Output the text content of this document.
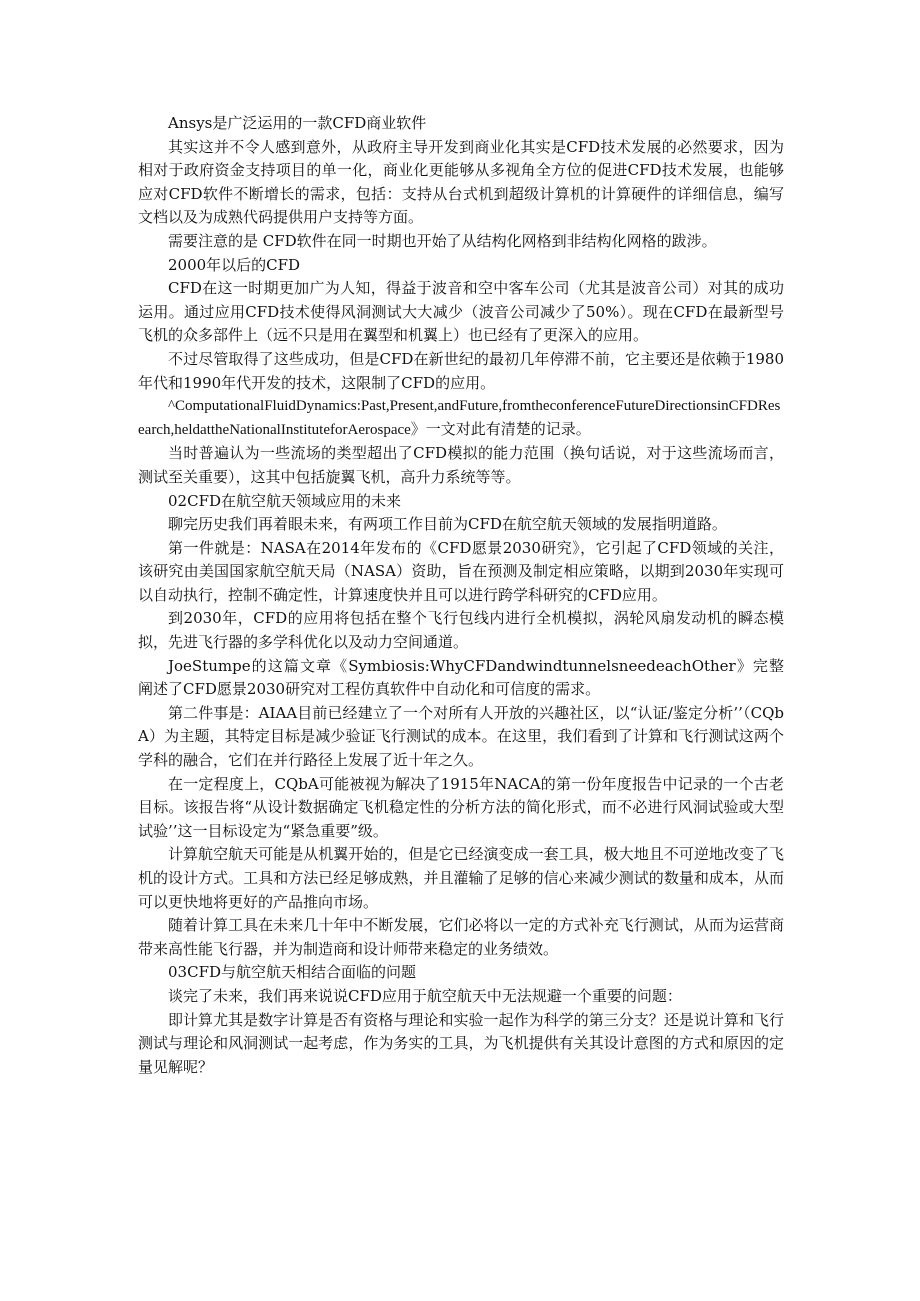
Ansys是广泛运用的一款CFD商业软件

其实这并不令人感到意外，从政府主导开发到商业化其实是CFD技术发展的必然要求，因为相对于政府资金支持项目的单一化，商业化更能够从多视角全方位的促进CFD技术发展，也能够应对CFD软件不断增长的需求，包括：支持从台式机到超级计算机的计算硬件的详细信息，编写文档以及为成熟代码提供用户支持等方面。

需要注意的是 CFD软件在同一时期也开始了从结构化网格到非结构化网格的跋涉。

2000年以后的CFD

CFD在这一时期更加广为人知，得益于波音和空中客车公司（尤其是波音公司）对其的成功运用。通过应用CFD技术使得风洞测试大大减少（波音公司减少了50%）。现在CFD在最新型号飞机的众多部件上（远不只是用在翼型和机翼上）也已经有了更深入的应用。

不过尽管取得了这些成功，但是CFD在新世纪的最初几年停滞不前，它主要还是依赖于1980年代和1990年代开发的技术，这限制了CFD的应用。

^ComputationalFluidDynamics:Past,Present,andFuture,fromtheconferenceFutureDirectionsinCFDResearch,heldattheNationalInstituteforAerospace》一文对此有清楚的记录。

当时普遍认为一些流场的类型超出了CFD模拟的能力范围（换句话说，对于这些流场而言，测试至关重要），这其中包括旋翼飞机，高升力系统等等。

02CFD在航空航天领域应用的未来

聊完历史我们再着眼未来，有两项工作目前为CFD在航空航天领域的发展指明道路。

第一件就是：NASA在2014年发布的《CFD愿景2030研究》，它引起了CFD领域的关注，该研究由美国国家航空航天局（NASA）资助，旨在预测及制定相应策略，以期到2030年实现可以自动执行，控制不确定性，计算速度快并且可以进行跨学科研究的CFD应用。

到2030年，CFD的应用将包括在整个飞行包线内进行全机模拟，涡轮风扇发动机的瞬态模拟，先进飞行器的多学科优化以及动力空间通道。

JoeStumpe的这篇文章《Symbiosis:WhyCFDandwindtunnelsneedeachOther》完整阐述了CFD愿景2030研究对工程仿真软件中自动化和可信度的需求。

第二件事是：AIAA目前已经建立了一个对所有人开放的兴趣社区，以“认证/鉴定分析’’（CQbA）为主题，其特定目标是减少验证飞行测试的成本。在这里，我们看到了计算和飞行测试这两个学科的融合，它们在并行路径上发展了近十年之久。

在一定程度上，CQbA可能被视为解决了1915年NACA的第一份年度报告中记录的一个古老目标。该报告将“从设计数据确定飞机稳定性的分析方法的简化形式，而不必进行风洞试验或大型试验’’这一目标设定为“紧急重要”级。

计算航空航天可能是从机翼开始的，但是它已经演变成一套工具，极大地且不可逆地改变了飞机的设计方式。工具和方法已经足够成熟，并且灌输了足够的信心来减少测试的数量和成本，从而可以更快地将更好的产品推向市场。

随着计算工具在未来几十年中不断发展，它们必将以一定的方式补充飞行测试，从而为运营商带来高性能飞行器，并为制造商和设计师带来稳定的业务绩效。

03CFD与航空航天相结合面临的问题

谈完了未来，我们再来说说CFD应用于航空航天中无法规避一个重要的问题：

即计算尤其是数字计算是否有资格与理论和实验一起作为科学的第三分支？还是说计算和飞行测试与理论和风洞测试一起考虑，作为务实的工具，为飞机提供有关其设计意图的方式和原因的定量见解呢？
